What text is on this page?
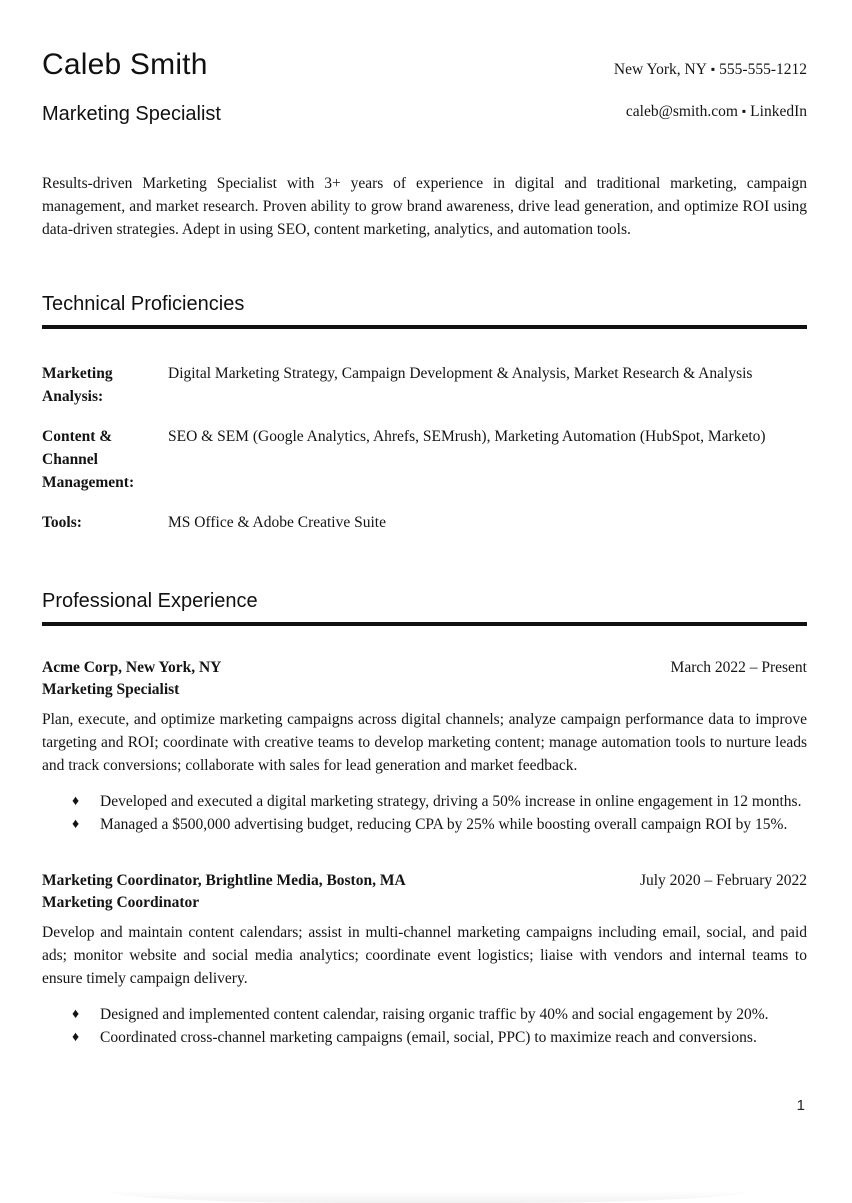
Caleb Smith
Marketing Specialist
New York, NY ▪ 555-555-1212
caleb@smith.com ▪ LinkedIn

Results-driven Marketing Specialist with 3+ years of experience in digital and traditional marketing, campaign management, and market research. Proven ability to grow brand awareness, drive lead generation, and optimize ROI using data-driven strategies. Adept in using SEO, content marketing, analytics, and automation tools.

Technical Proficiencies
Marketing Analysis:
Digital Marketing Strategy, Campaign Development & Analysis, Market Research & Analysis
Content & Channel Management:
SEO & SEM (Google Analytics, Ahrefs, SEMrush), Marketing Automation (HubSpot, Marketo)
Tools:	MS Office & Adobe Creative Suite
Professional Experience
Acme Corp, New York, NY	March 2022 – Present
Marketing Specialist

Plan, execute, and optimize marketing campaigns across digital channels; analyze campaign performance data to improve targeting and ROI; coordinate with creative teams to develop marketing content; manage automation tools to nurture leads and track conversions; collaborate with sales for lead generation and market feedback.

♦	Developed and executed a digital marketing strategy, driving a 50% increase in online engagement in 12 months.
♦	Managed a $500,000 advertising budget, reducing CPA by 25% while boosting overall campaign ROI by 15%.
Marketing Coordinator, Brightline Media, Boston, MA	July 2020 – February 2022
Marketing Coordinator

Develop and maintain content calendars; assist in multi-channel marketing campaigns including email, social, and paid ads; monitor website and social media analytics; coordinate event logistics; liaise with vendors and internal teams to ensure timely campaign delivery.

♦	Designed and implemented content calendar, raising organic traffic by 40% and social engagement by 20%.
♦	Coordinated cross-channel marketing campaigns (email, social, PPC) to maximize reach and conversions.
1
